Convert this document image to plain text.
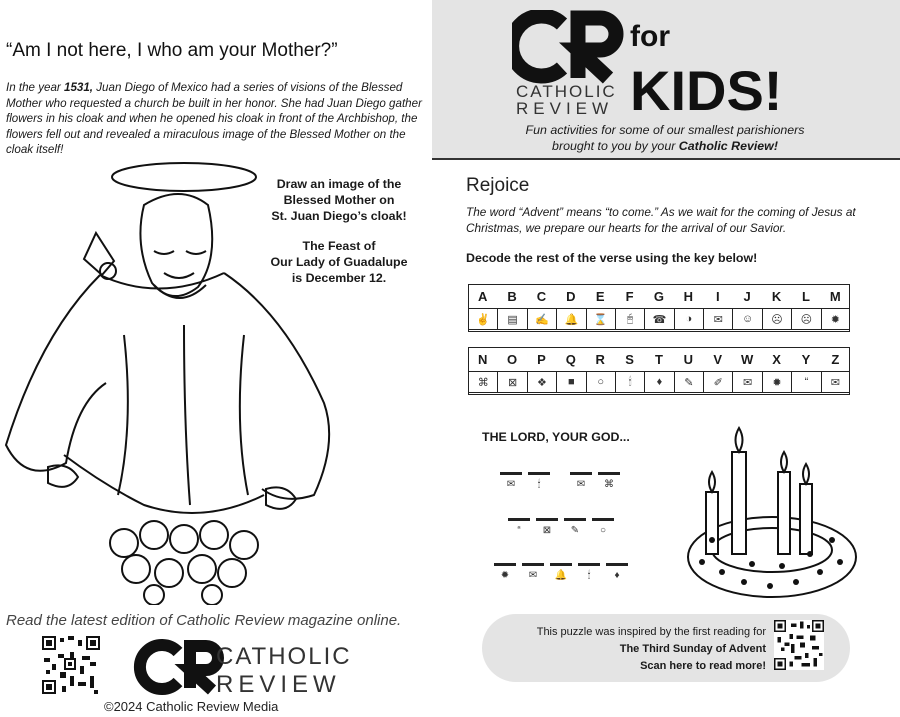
“Am I not here, I who am your Mother?”

In the year 1531, Juan Diego of Mexico had a series of visions of the Blessed Mother who requested a church be built in her honor. She had Juan Diego gather flowers in his cloak and when he opened his cloak in front of the Archbishop, the flowers fell out and revealed a miraculous image of the Blessed Mother on the cloak itself!

Draw an image of the
Blessed Mother on
St. Juan Diego’s cloak!
The Feast of
Our Lady of Guadalupe
is December 12.
Read the latest edition of Catholic Review magazine online.
CATHOLIC
REVIEW
©2024 Catholic Review Media
CATHOLIC
REVIEW
for
KIDS!
Fun activities for some of our smallest parishioners
brought to you by your Catholic Review!
Rejoice

The word “Advent” means “to come.” As we wait for the coming of Jesus at Christmas, we prepare our hearts for the arrival of our Savior.

Decode the rest of the verse using the key below!
A	B	C	D	E	F	G	H	I	J	K	L	M
✌	▤	✍	🔔	⌛	🖰	☎	◑	✉	☺	☹	☹	✹
N	O	P	Q	R	S	T	U	V	W	X	Y	Z
⌘	⊠	❖	■	○	🕯	♦	✎	✐	✉	✹	“	✉
THE LORD, YOUR GOD...
✉ 🕯	✉ ⌘
“ ⊠ ✎ ○
✹ ✉ 🔔 🕯 ♦
This puzzle was inspired by the first reading for
The Third Sunday of Advent
Scan here to read more!
